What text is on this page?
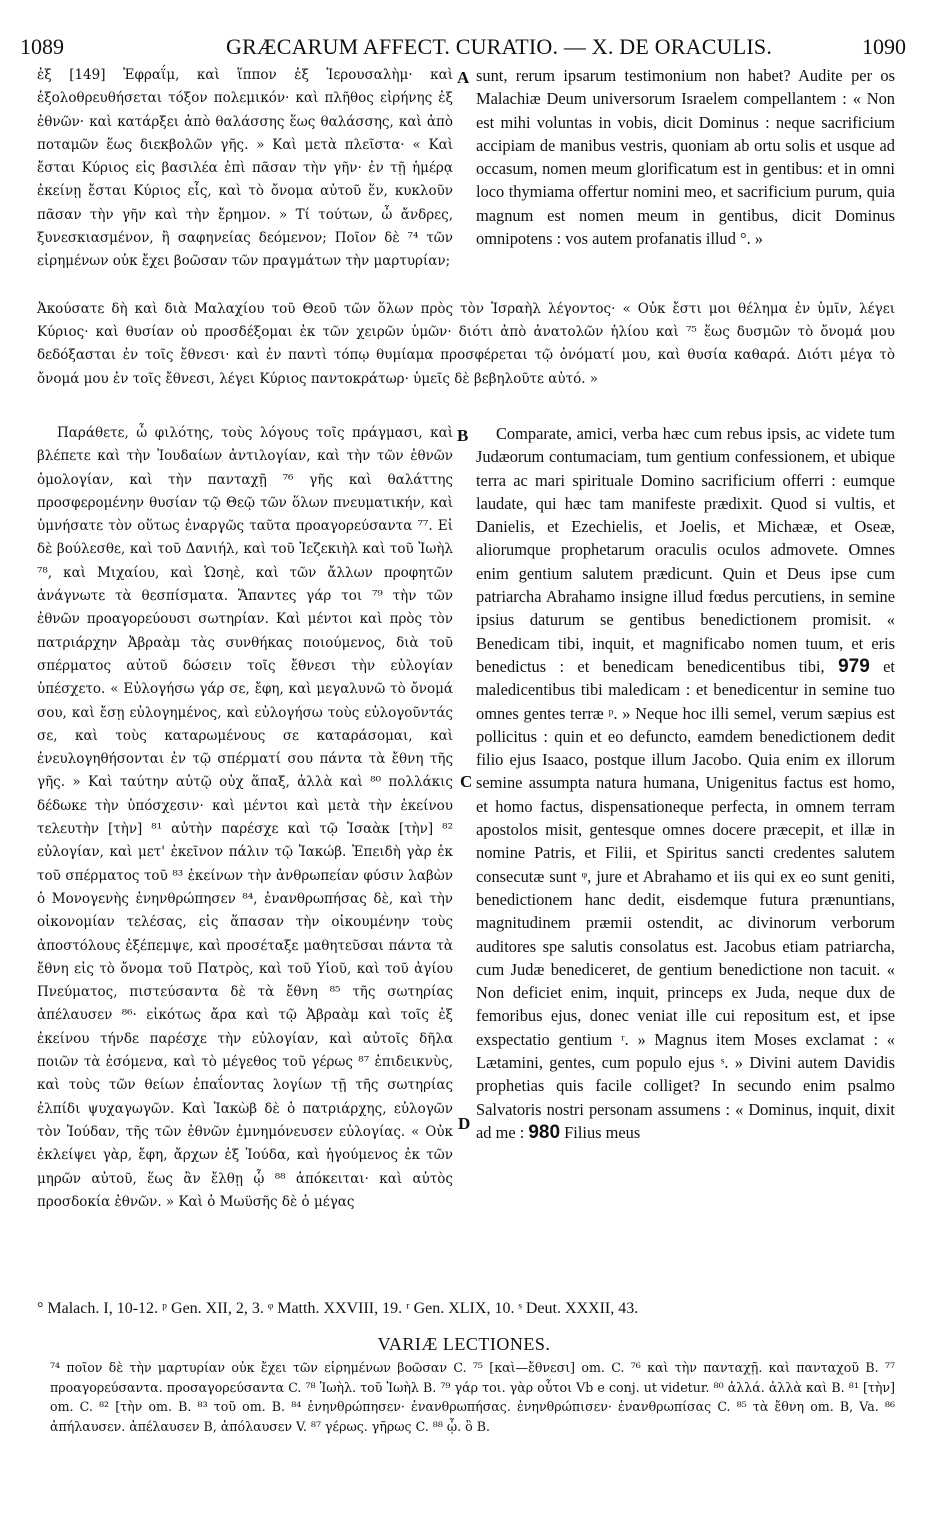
1089	GRÆCARUM AFFECT. CURATIO. — X. DE ORACULIS.	1090

ἐξ [149] Ἐφραΐμ, καὶ ἵππον ἐξ Ἱερουσαλὴμ· καὶ ἐξολοθρευθήσεται τόξον πολεμικόν· καὶ πλῆθος εἰρήνης ἐξ ἐθνῶν· καὶ κατάρξει ἀπὸ θαλάσσης ἕως θαλάσσης, καὶ ἀπὸ ποταμῶν ἕως διεκβολῶν γῆς. » Καὶ μετὰ πλεῖστα· « Καὶ ἔσται Κύριος εἰς βασιλέα ἐπὶ πᾶσαν τὴν γῆν· ἐν τῇ ἡμέρᾳ ἐκείνῃ ἔσται Κύριος εἷς, καὶ τὸ ὄνομα αὐτοῦ ἕν, κυκλοῦν πᾶσαν τὴν γῆν καὶ τὴν ἔρημον. » Τί τούτων, ὦ ἄνδρες, ξυνεσκιασμένον, ἢ σαφηνείας δεόμενον; Ποῖον δὲ ⁷⁴ τῶν εἰρημένων οὐκ ἔχει βοῶσαν τῶν πραγμάτων τὴν μαρτυρίαν;

A sunt, rerum ipsarum testimonium non habet? Audite per os Malachiæ Deum universorum Israelem compellantem : « Non est mihi voluntas in vobis, dicit Dominus : neque sacrificium accipiam de manibus vestris, quoniam ab ortu solis et usque ad occasum, nomen meum glorificatum est in gentibus: et in omni loco thymiama offertur nomini meo, et sacrificium purum, quia magnum est nomen meum in gentibus, dicit Dominus omnipotens : vos autem profanatis illud °. »

Ἀκούσατε δὴ καὶ διὰ Μαλαχίου τοῦ Θεοῦ τῶν ὅλων πρὸς τὸν Ἰσραὴλ λέγοντος· « Οὐκ ἔστι μοι θέλημα ἐν ὑμῖν, λέγει Κύριος· καὶ θυσίαν οὐ προσδέξομαι ἐκ τῶν χειρῶν ὑμῶν· διότι ἀπὸ ἀνατολῶν ἡλίου καὶ ⁷⁵ ἕως δυσμῶν τὸ ὄνομά μου δεδόξασται ἐν τοῖς ἔθνεσι· καὶ ἐν παντὶ τόπῳ θυμίαμα προσφέρεται τῷ ὀνόματί μου, καὶ θυσία καθαρά. Διότι μέγα τὸ ὄνομά μου ἐν τοῖς ἔθνεσι, λέγει Κύριος παντοκράτωρ· ὑμεῖς δὲ βεβηλοῦτε αὐτό. »

Παράθετε, ὦ φιλότης, τοὺς λόγους τοῖς πράγμασι, καὶ βλέπετε καὶ τὴν Ἰουδαίων ἀντιλογίαν, καὶ τὴν τῶν ἐθνῶν ὁμολογίαν, καὶ τὴν πανταχῇ ⁷⁶ γῆς καὶ θαλάττης προσφερομένην θυσίαν τῷ Θεῷ τῶν ὅλων πνευματικήν, καὶ ὑμνήσατε τὸν οὕτως ἐναργῶς ταῦτα προαγορεύσαντα ⁷⁷. Εἰ δὲ βούλεσθε, καὶ τοῦ Δανιήλ, καὶ τοῦ Ἰεζεκιὴλ καὶ τοῦ Ἰωὴλ ⁷⁸, καὶ Μιχαίου, καὶ Ὡσηὲ, καὶ τῶν ἄλλων προφητῶν ἀνάγνωτε τὰ θεσπίσματα. Ἅπαντες γάρ τοι ⁷⁹ τὴν τῶν ἐθνῶν προαγορεύουσι σωτηρίαν. Καὶ μέντοι καὶ πρὸς τὸν πατριάρχην Ἀβραὰμ τὰς συνθήκας ποιούμενος, διὰ τοῦ σπέρματος αὐτοῦ δώσειν τοῖς ἔθνεσι τὴν εὐλογίαν ὑπέσχετο. « Εὐλογήσω γάρ σε, ἔφη, καὶ μεγαλυνῶ τὸ ὄνομά σου, καὶ ἔσῃ εὐλογημένος, καὶ εὐλογήσω τοὺς εὐλογοῦντάς σε, καὶ τοὺς καταρωμένους σε καταράσομαι, καὶ ἐνευλογηθήσονται ἐν τῷ σπέρματί σου πάντα τὰ ἔθνη τῆς γῆς. » Καὶ ταύτην αὐτῷ οὐχ ἅπαξ, ἀλλὰ καὶ ⁸⁰ πολλάκις δέδωκε τὴν ὑπόσχεσιν· καὶ μέντοι καὶ μετὰ τὴν ἐκείνου τελευτὴν [τὴν] ⁸¹ αὐτὴν παρέσχε καὶ τῷ Ἰσαὰκ [τὴν] ⁸² εὐλογίαν, καὶ μετ' ἐκεῖνον πάλιν τῷ Ἰακώβ. Ἐπειδὴ γὰρ ἐκ τοῦ σπέρματος τοῦ ⁸³ ἐκείνων τὴν ἀνθρωπείαν φύσιν λαβὼν ὁ Μονογενὴς ἐνηνθρώπησεν ⁸⁴, ἐνανθρωπήσας δὲ, καὶ τὴν οἰκονομίαν τελέσας, εἰς ἅπασαν τὴν οἰκουμένην τοὺς ἀποστόλους ἐξέπεμψε, καὶ προσέταξε μαθητεῦσαι πάντα τὰ ἔθνη εἰς τὸ ὄνομα τοῦ Πατρὸς, καὶ τοῦ Υἱοῦ, καὶ τοῦ ἁγίου Πνεύματος, πιστεύσαντα δὲ τὰ ἔθνη ⁸⁵ τῆς σωτηρίας ἀπέλαυσεν ⁸⁶· εἰκότως ἄρα καὶ τῷ Ἀβραὰμ καὶ τοῖς ἐξ ἐκείνου τήνδε παρέσχε τὴν εὐλογίαν, καὶ αὐτοῖς δῆλα ποιῶν τὰ ἐσόμενα, καὶ τὸ μέγεθος τοῦ γέρως ⁸⁷ ἐπιδεικνὺς, καὶ τοὺς τῶν θείων ἐπαΐοντας λογίων τῇ τῆς σωτηρίας ἐλπίδι ψυχαγωγῶν. Καὶ Ἰακὼβ δὲ ὁ πατριάρχης, εὐλογῶν τὸν Ἰούδαν, τῆς τῶν ἐθνῶν ἐμνημόνευσεν εὐλογίας. « Οὐκ ἐκλείψει γὰρ, ἔφη, ἄρχων ἐξ Ἰούδα, καὶ ἡγούμενος ἐκ τῶν μηρῶν αὐτοῦ, ἕως ἂν ἔλθῃ ᾧ ⁸⁸ ἀπόκειται· καὶ αὐτὸς προσδοκία ἐθνῶν. » Καὶ ὁ Μωϋσῆς δὲ ὁ μέγας

B
C
D

Comparate, amici, verba hæc cum rebus ipsis, ac videte tum Judæorum contumaciam, tum gentium confessionem, et ubique terra ac mari spirituale Domino sacrificium offerri : eumque laudate, qui hæc tam manifeste prædixit. Quod si vultis, et Danielis, et Ezechielis, et Joelis, et Michææ, et Oseæ, aliorumque prophetarum oraculis oculos admovete. Omnes enim gentium salutem prædicunt. Quin et Deus ipse cum patriarcha Abrahamo insigne illud fœdus percutiens, in semine ipsius daturum se gentibus benedictionem promisit. « Benedicam tibi, inquit, et magnificabo nomen tuum, et eris benedictus : et benedicam benedicentibus tibi, 979 et maledicentibus tibi maledicam : et benedicentur in semine tuo omnes gentes terræ ᵖ. » Neque hoc illi semel, verum sæpius est pollicitus : quin et eo defuncto, eamdem benedictionem dedit filio ejus Isaaco, postque illum Jacobo. Quia enim ex illorum semine assumpta natura humana, Unigenitus factus est homo, et homo factus, dispensationeque perfecta, in omnem terram apostolos misit, gentesque omnes docere præcepit, et illæ in nomine Patris, et Filii, et Spiritus sancti credentes salutem consecutæ sunt ᵠ, jure et Abrahamo et iis qui ex eo sunt geniti, benedictionem hanc dedit, eisdemque futura prænuntians, magnitudinem præmii ostendit, ac divinorum verborum auditores spe salutis consolatus est. Jacobus etiam patriarcha, cum Judæ benediceret, de gentium benedictione non tacuit. « Non deficiet enim, inquit, princeps ex Juda, neque dux de femoribus ejus, donec veniat ille cui repositum est, et ipse exspectatio gentium ʳ. » Magnus item Moses exclamat : « Lætamini, gentes, cum populo ejus ˢ. » Divini autem Davidis prophetias quis facile colliget? In secundo enim psalmo Salvatoris nostri personam assumens : « Dominus, inquit, dixit ad me : 980 Filius meus

° Malach. I, 10-12. ᵖ Gen. XII, 2, 3. ᵠ Matth. XXVIII, 19. ʳ Gen. XLIX, 10. ˢ Deut. XXXII, 43.
VARIÆ LECTIONES.

⁷⁴ ποῖον δὲ τὴν μαρτυρίαν οὐκ ἔχει τῶν εἰρημένων βοῶσαν C. ⁷⁵ [καὶ—ἔθνεσι] om. C. ⁷⁶ καὶ τὴν πανταχῇ. καὶ πανταχοῦ B. ⁷⁷ προαγορεύσαντα. προσαγορεύσαντα C. ⁷⁸ Ἰωὴλ. τοῦ Ἰωὴλ B. ⁷⁹ γάρ τοι. γὰρ οὗτοι Vb e conj. ut videtur. ⁸⁰ ἀλλά. ἀλλὰ καὶ B. ⁸¹ [τὴν] om. C. ⁸² [τὴν om. B. ⁸³ τοῦ om. B. ⁸⁴ ἐνηνθρώπησεν· ἐνανθρωπήσας. ἐνηνθρώπισεν· ἐνανθρωπίσας C. ⁸⁵ τὰ ἔθνη om. B, Va. ⁸⁶ ἀπήλαυσεν. ἀπέλαυσεν B, ἀπόλαυσεν V. ⁸⁷ γέρως. γῆρως C. ⁸⁸ ᾧ. ὃ B.
